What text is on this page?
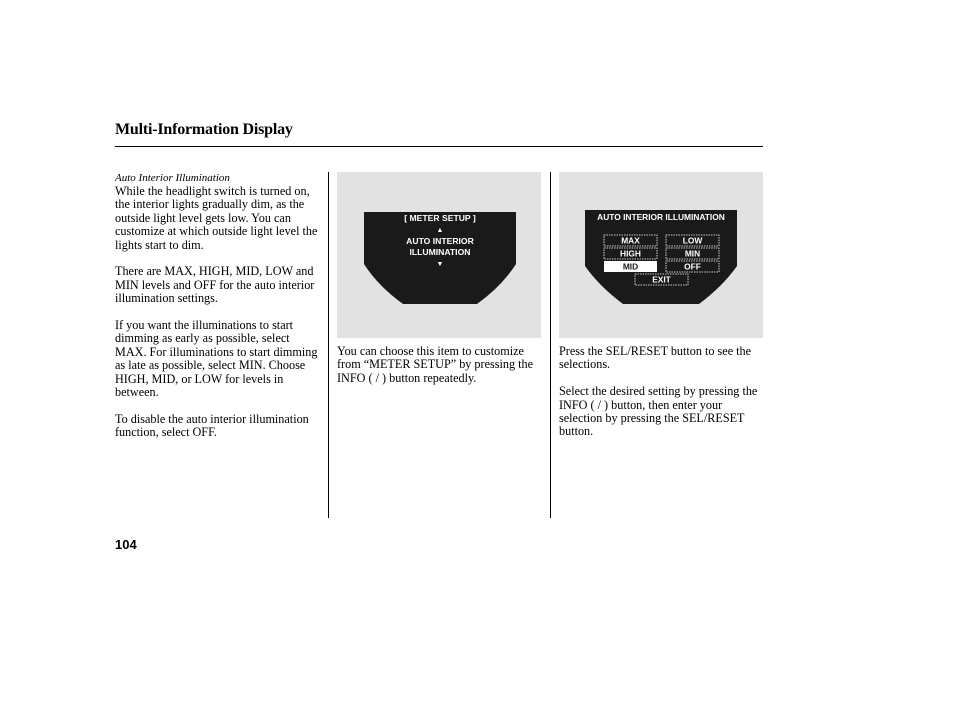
Multi-Information Display
Auto Interior Illumination

While the headlight switch is turned on, the interior lights gradually dim, as the outside light level gets low. You can customize at which outside light level the lights start to dim.

There are MAX, HIGH, MID, LOW and MIN levels and OFF for the auto interior illumination settings.

If you want the illuminations to start dimming as early as possible, select MAX. For illuminations to start dimming as late as possible, select MIN. Choose HIGH, MID, or LOW for levels in between.

To disable the auto interior illumination function, select OFF.

[ METER SETUP ]
▲
AUTO INTERIOR
ILLUMINATION
▼

You can choose this item to customize from “METER SETUP” by pressing the INFO ( / ) button repeatedly.

AUTO INTERIOR ILLUMINATION
MAX	LOW
HIGH	MIN
MID	OFF
EXIT

Press the SEL/RESET button to see the selections.

Select the desired setting by pressing the INFO ( / ) button, then enter your selection by pressing the SEL/RESET button.

104
